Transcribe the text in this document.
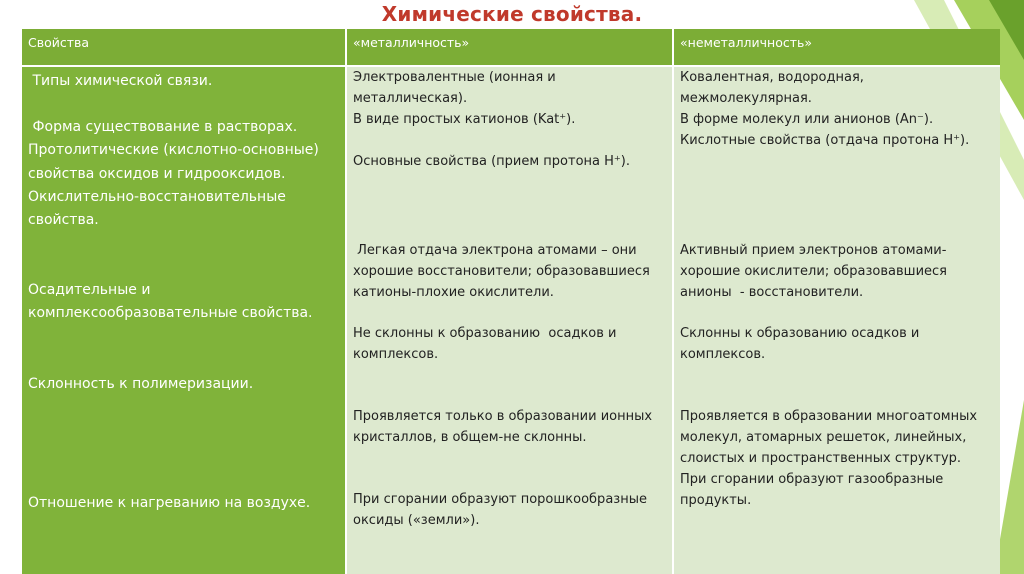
Химические свойства.
Свойства	«металличность»	«неметалличность»

Типы химической связи.

Форма существование в растворах.
Протолитические (кислотно-основные) свойства оксидов и гидрооксидов.
Окислительно-восстановительные свойства.

Осадительные и комплексообразовательные свойства.

Склонность к полимеризации.

Отношение к нагреванию на воздухе.

Электровалентные (ионная и металлическая).
В виде простых катионов (Kat⁺).

Основные свойства (прием протона H⁺).

Легкая отдача электрона атомами – они хорошие восстановители; образовавшиеся катионы-плохие окислители.

Не склонны к образованию  осадков и комплексов.

Проявляется только в образовании ионных кристаллов, в общем-не склонны.

При сгорании образуют порошкообразные оксиды («земли»).

Ковалентная, водородная, межмолекулярная.
В форме молекул или анионов (An⁻).
Кислотные свойства (отдача протона H⁺).

Активный прием электронов атомами-хорошие окислители; образовавшиеся анионы  - восстановители.

Склонны к образованию осадков и комплексов.

Проявляется в образовании многоатомных молекул, атомарных решеток, линейных, слоистых и пространственных структур.
При сгорании образуют газообразные продукты.
